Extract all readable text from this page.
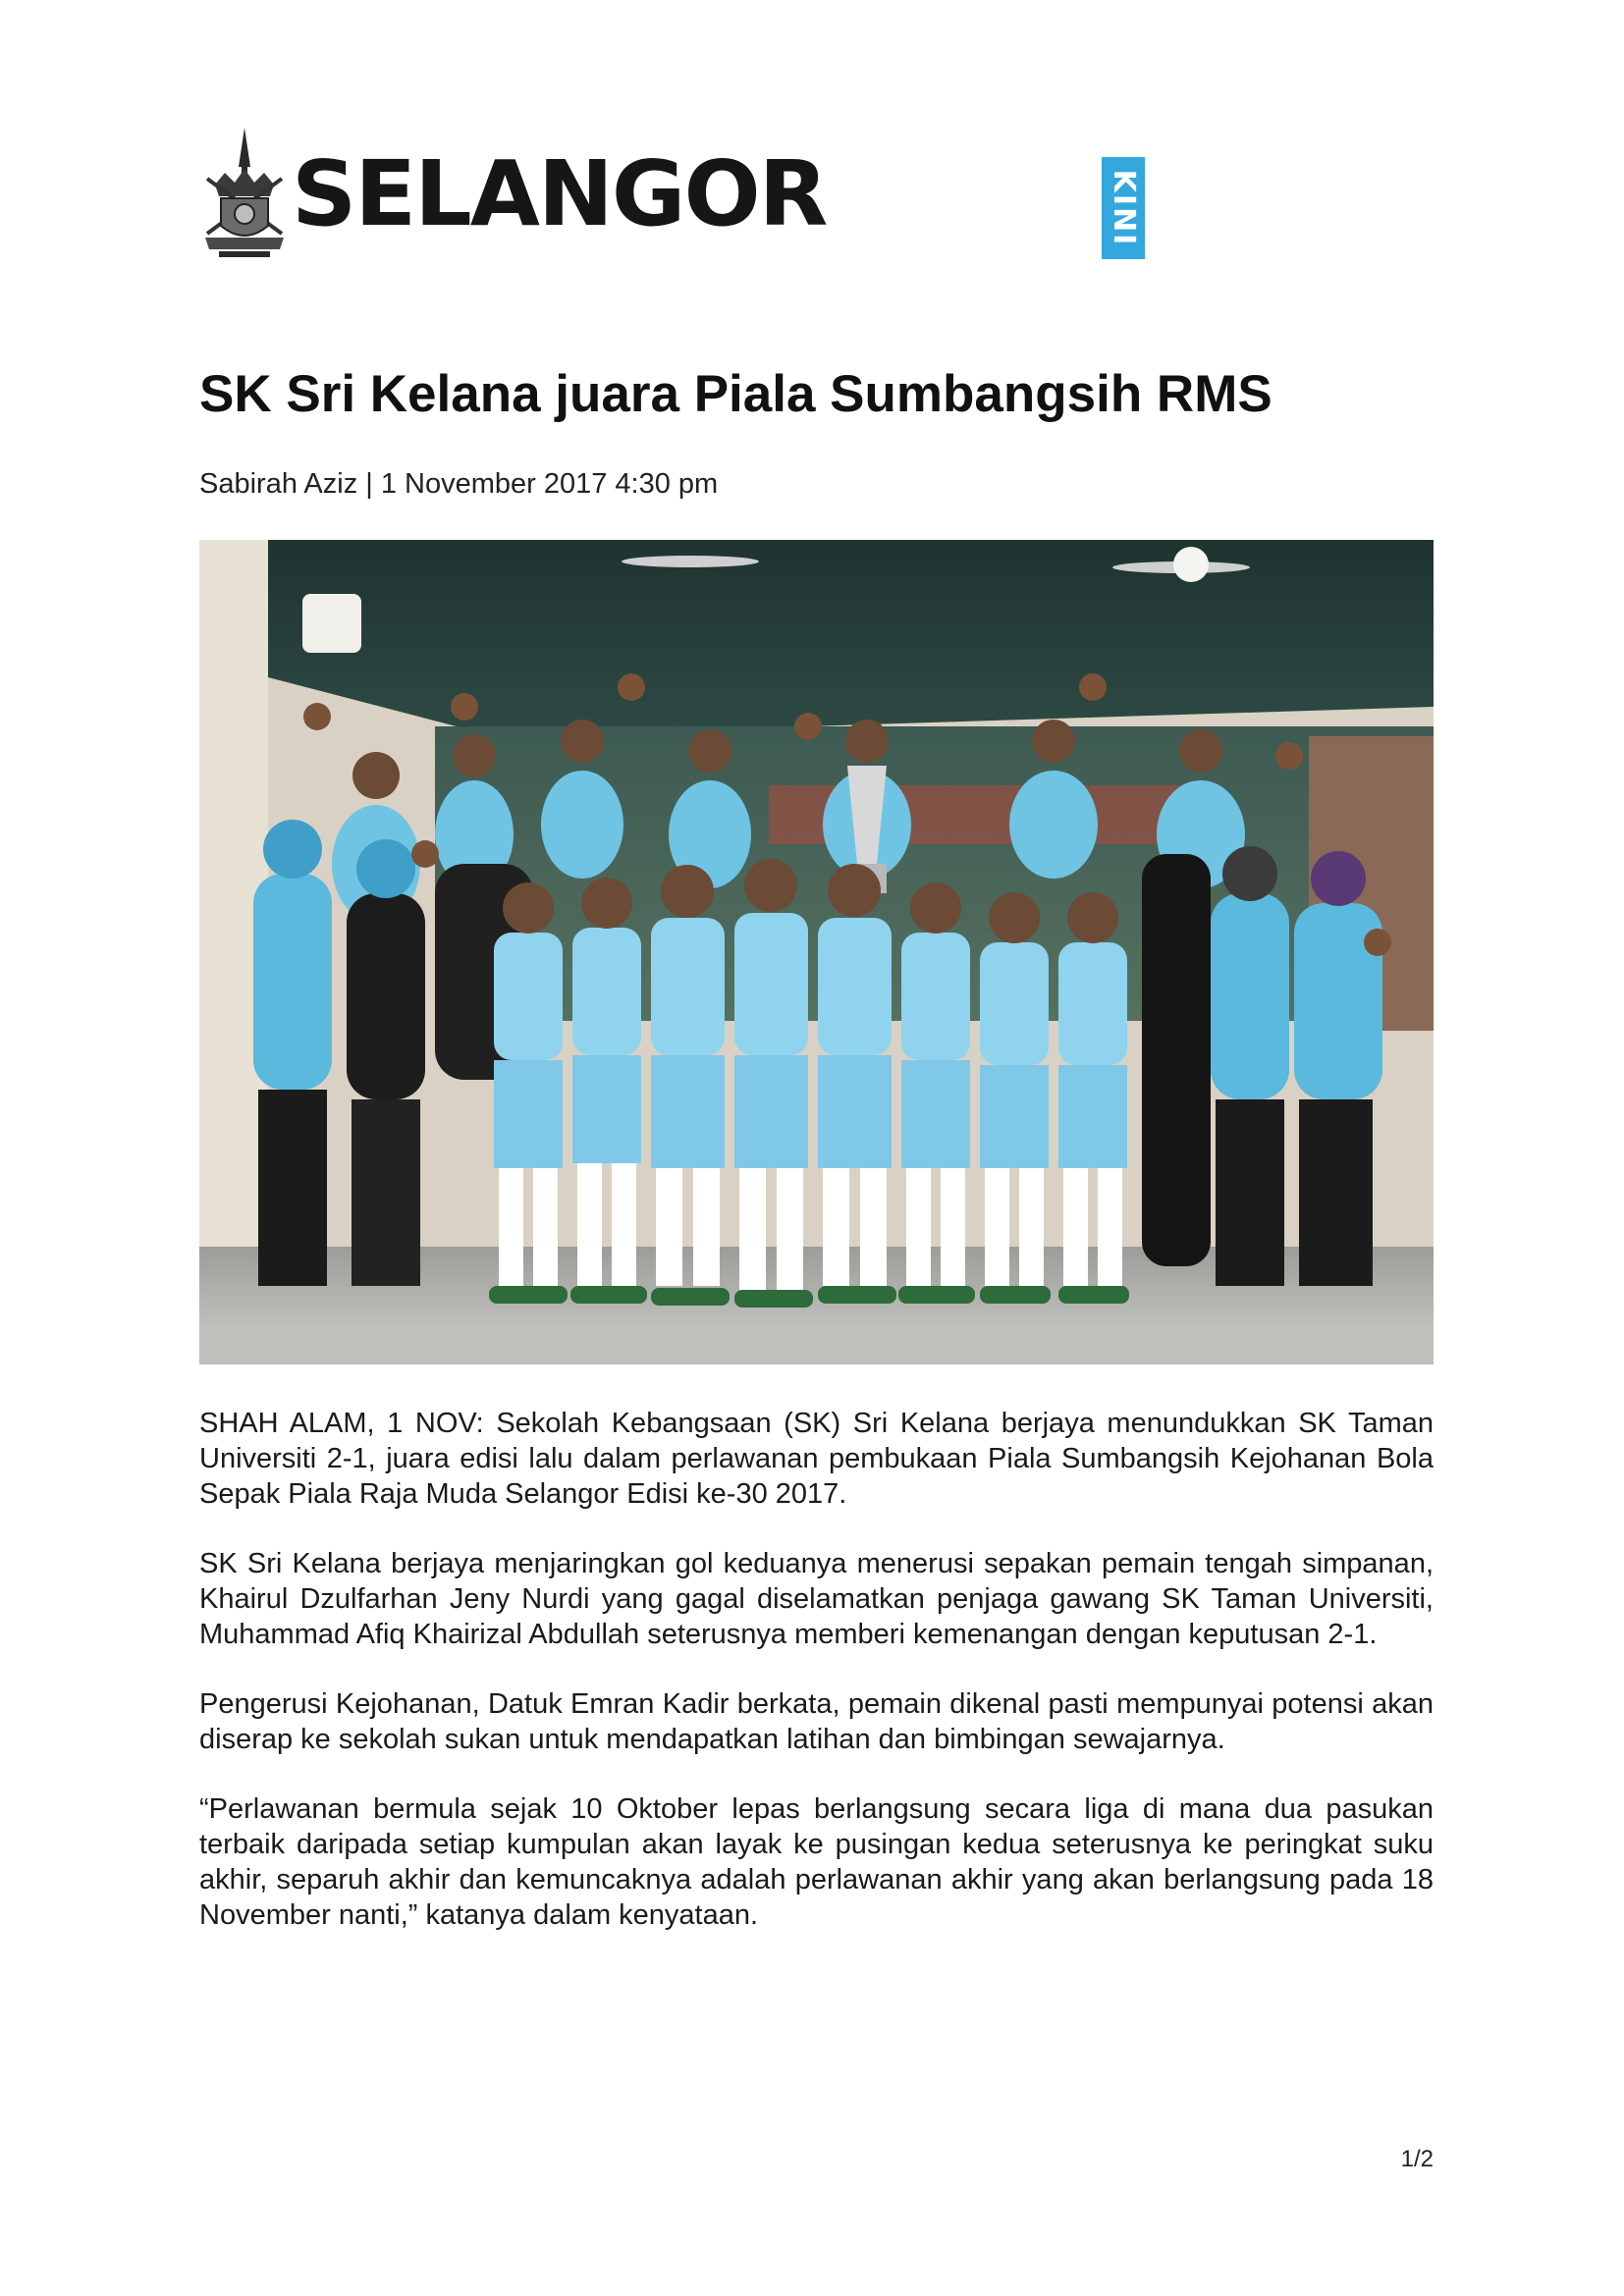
SELANGOR	KINI
SK Sri Kelana juara Piala Sumbangsih RMS
Sabirah Aziz | 1 November 2017 4:30 pm

SHAH ALAM, 1 NOV: Sekolah Kebangsaan (SK) Sri Kelana berjaya menundukkan SK Taman Universiti 2-1, juara edisi lalu dalam perlawanan pembukaan Piala Sumbangsih Kejohanan Bola Sepak Piala Raja Muda Selangor Edisi ke-30 2017.

SK Sri Kelana berjaya menjaringkan gol keduanya menerusi sepakan pemain tengah simpanan, Khairul Dzulfarhan Jeny Nurdi yang gagal diselamatkan penjaga gawang SK Taman Universiti, Muhammad Afiq Khairizal Abdullah seterusnya memberi kemenangan dengan keputusan 2-1.

Pengerusi Kejohanan, Datuk Emran Kadir berkata, pemain dikenal pasti mempunyai potensi akan diserap ke sekolah sukan untuk mendapatkan latihan dan bimbingan sewajarnya.

“Perlawanan bermula sejak 10 Oktober lepas berlangsung secara liga di mana dua pasukan terbaik daripada setiap kumpulan akan layak ke pusingan kedua seterusnya ke peringkat suku akhir, separuh akhir dan kemuncaknya adalah perlawanan akhir yang akan berlangsung pada 18 November nanti,” katanya dalam kenyataan.

1/2
